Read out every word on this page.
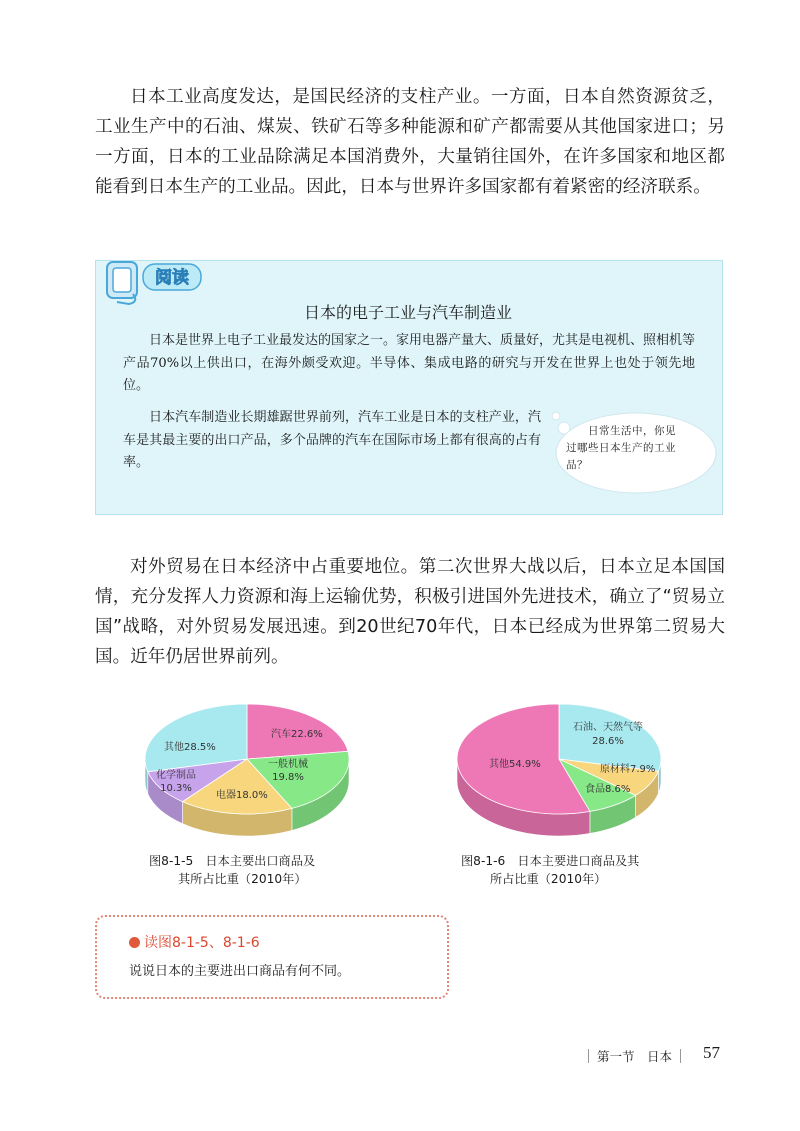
日本工业高度发达，是国民经济的支柱产业。一方面，日本自然资源贫乏，工业生产中的石油、煤炭、铁矿石等多种能源和矿产都需要从其他国家进口；另一方面，日本的工业品除满足本国消费外，大量销往国外，在许多国家和地区都能看到日本生产的工业品。因此，日本与世界许多国家都有着紧密的经济联系。

阅读

日本的电子工业与汽车制造业

日本是世界上电子工业最发达的国家之一。家用电器产量大、质量好，尤其是电视机、照相机等产品70%以上供出口，在海外颇受欢迎。半导体、集成电路的研究与开发在世界上也处于领先地位。

日本汽车制造业长期雄踞世界前列，汽车工业是日本的支柱产业，汽车是其最主要的出口产品，多个品牌的汽车在国际市场上都有很高的占有率。

日常生活中，你见过哪些日本生产的工业品？

对外贸易在日本经济中占重要地位。第二次世界大战以后，日本立足本国国情，充分发挥人力资源和海上运输优势，积极引进国外先进技术，确立了“贸易立国”战略，对外贸易发展迅速。到20世纪70年代，日本已经成为世界第二贸易大国。近年仍居世界前列。

汽车22.6%
一般机械
19.8%
电器18.0%
化学制品
10.3%
其他28.5%

图8-1-5　日本主要出口商品及
其所占比重（2010年）

石油、天然气等
28.6%
原材料7.9%
食品8.6%
其他54.9%

图8-1-6　日本主要进口商品及其
所占比重（2010年）

读图8-1-5、8-1-6

说说日本的主要进出口商品有何不同。

第一节　日本	57
